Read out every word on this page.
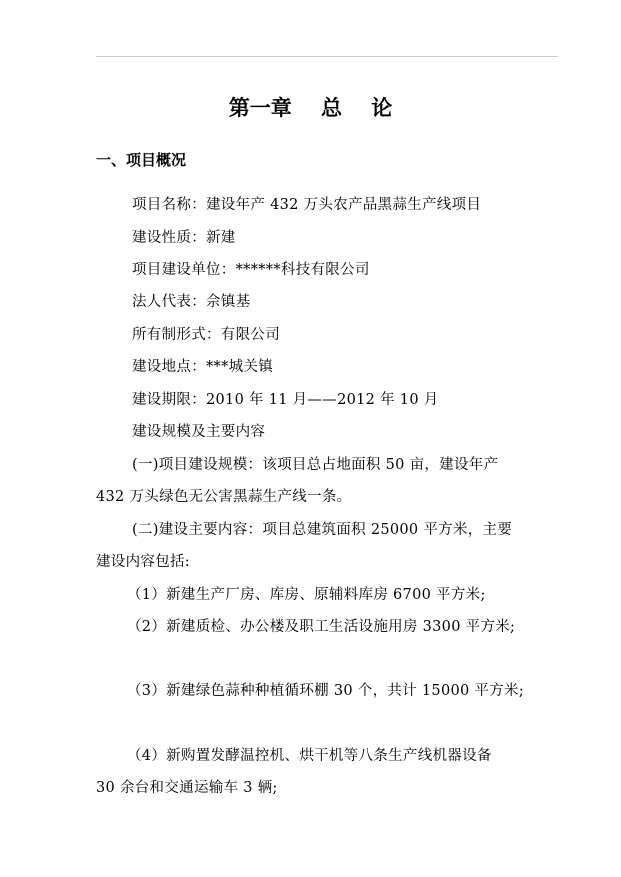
第一章    总    论
一、项目概况

项目名称：建设年产 432 万头农产品黑蒜生产线项目

建设性质：新建

项目建设单位：******科技有限公司

法人代表：佘镇基

所有制形式：有限公司

建设地点：***城关镇

建设期限：2010 年 11 月——2012 年 10 月

建设规模及主要内容

(一)项目建设规模：该项目总占地面积 50 亩，建设年产

432 万头绿色无公害黑蒜生产线一条。

(二)建设主要内容：项目总建筑面积 25000 平方米，主要

建设内容包括:

（1）新建生产厂房、库房、原辅料库房 6700 平方米;

（2）新建质检、办公楼及职工生活设施用房 3300 平方米;

（3）新建绿色蒜种种植循环棚 30 个，共计 15000 平方米;

（4）新购置发酵温控机、烘干机等八条生产线机器设备

30 余台和交通运输车 3 辆;
